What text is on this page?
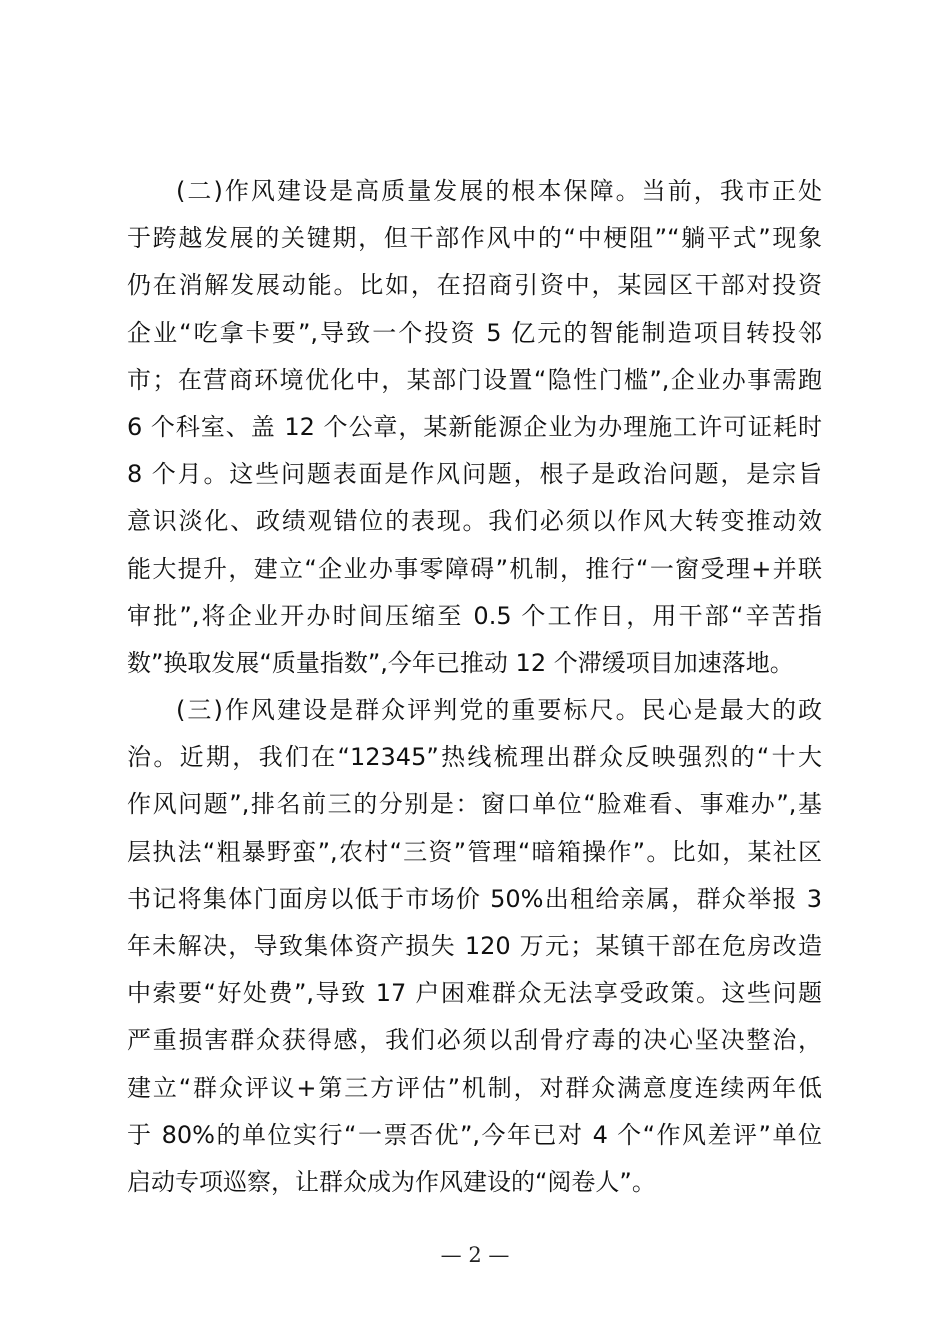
(二)作风建设是高质量发展的根本保障。当前，我市正处
于跨越发展的关键期，但干部作风中的“中梗阻”“躺平式”现象
仍在消解发展动能。比如，在招商引资中，某园区干部对投资
企业“吃拿卡要”,导致一个投资 5 亿元的智能制造项目转投邻
市；在营商环境优化中，某部门设置“隐性门槛”,企业办事需跑
6 个科室、盖 12 个公章，某新能源企业为办理施工许可证耗时
8 个月。这些问题表面是作风问题，根子是政治问题，是宗旨
意识淡化、政绩观错位的表现。我们必须以作风大转变推动效
能大提升，建立“企业办事零障碍”机制，推行“一窗受理+并联
审批”,将企业开办时间压缩至 0.5 个工作日，用干部“辛苦指
数”换取发展“质量指数”,今年已推动 12 个滞缓项目加速落地。
(三)作风建设是群众评判党的重要标尺。民心是最大的政
治。近期，我们在“12345”热线梳理出群众反映强烈的“十大
作风问题”,排名前三的分别是：窗口单位“脸难看、事难办”,基
层执法“粗暴野蛮”,农村“三资”管理“暗箱操作”。比如，某社区
书记将集体门面房以低于市场价 50%出租给亲属，群众举报 3
年未解决，导致集体资产损失 120 万元；某镇干部在危房改造
中索要“好处费”,导致 17 户困难群众无法享受政策。这些问题
严重损害群众获得感，我们必须以刮骨疗毒的决心坚决整治，
建立“群众评议+第三方评估”机制，对群众满意度连续两年低
于 80%的单位实行“一票否优”,今年已对 4 个“作风差评”单位
启动专项巡察，让群众成为作风建设的“阅卷人”。
— 2 —
